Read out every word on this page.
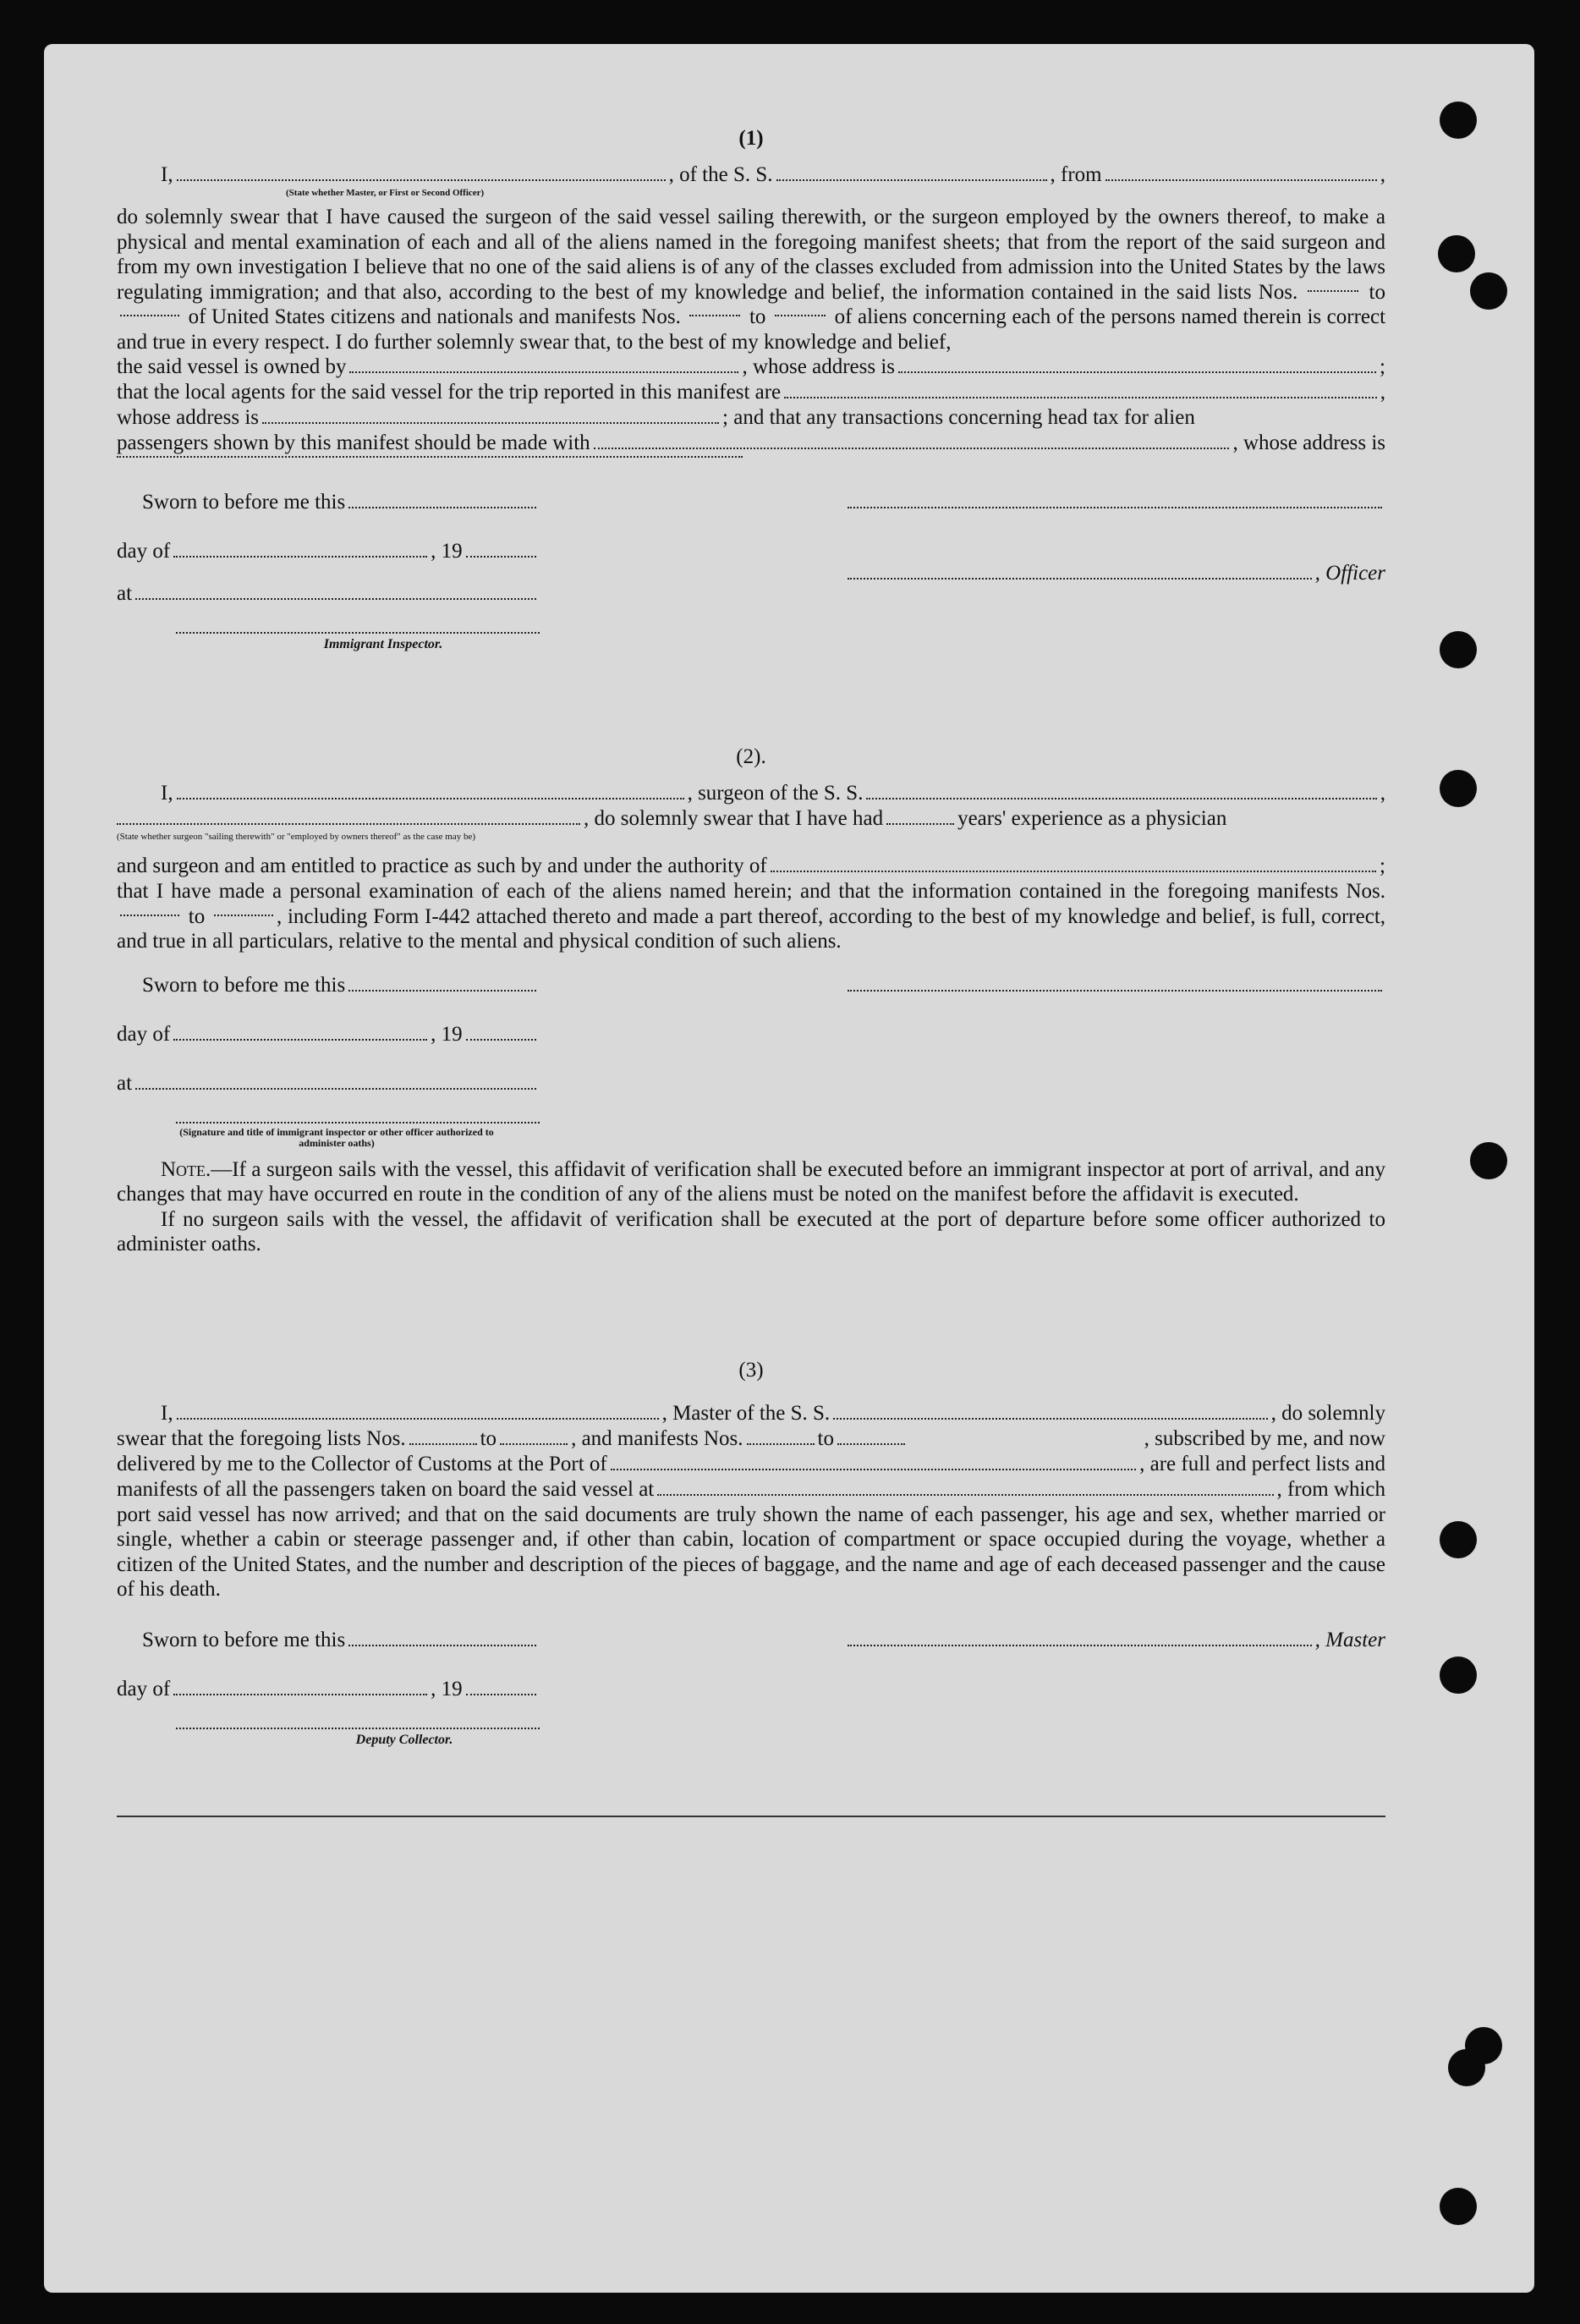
(1)

I,	, of the S. S.	, from	,
(State whether Master, or First or Second Officer)

do solemnly swear that I have caused the surgeon of the said vessel sailing therewith, or the surgeon employed by the owners thereof, to make a physical and mental examination of each and all of the aliens named in the foregoing manifest sheets; that from the report of the said surgeon and from my own investigation I believe that no one of the said aliens is of any of the classes excluded from admission into the United States by the laws regulating immigration; and that also, according to the best of my knowledge and belief, the information contained in the said lists Nos.	to  of United States citizens and nationals and manifests Nos.	to	of aliens concerning each of the persons named therein is correct and true in every respect. I do further solemnly swear that, to the best of my knowledge and belief,

the said vessel is owned by	, whose address is	;
that the local agents for the said vessel for the trip reported in this manifest are	,
whose address is	; and that any transactions concerning head tax for alien
passengers shown by this manifest should be made with	, whose address is
Sworn to before me this
day of	, 19
, Officer
at
Immigrant Inspector.

(2).

I,	, surgeon of the S. S.	,
, do solemnly swear that I have had	years' experience as a physician
(State whether surgeon "sailing therewith" or "employed by owners thereof" as the case may be)
and surgeon and am entitled to practice as such by and under the authority of	;

that I have made a personal examination of each of the aliens named herein; and that the information contained in the foregoing manifests Nos.  to	, including Form I-442 attached thereto and made a part thereof, according to the best of my knowledge and belief, is full, correct, and true in all particulars, relative to the mental and physical condition of such aliens.

Sworn to before me this
day of	, 19
at
(Signature and title of immigrant inspector or other officer authorized to administer oaths)

Note.—If a surgeon sails with the vessel, this affidavit of verification shall be executed before an immigrant inspector at port of arrival, and any changes that may have occurred en route in the condition of any of the aliens must be noted on the manifest before the affidavit is executed.

If no surgeon sails with the vessel, the affidavit of verification shall be executed at the port of departure before some officer authorized to administer oaths.

(3)

I,	, Master of the S. S.	, do solemnly
swear that the foregoing lists Nos.	to	, and manifests Nos.	to	, subscribed by me, and now
delivered by me to the Collector of Customs at the Port of	, are full and perfect lists and
manifests of all the passengers taken on board the said vessel at	, from which

port said vessel has now arrived; and that on the said documents are truly shown the name of each passenger, his age and sex, whether married or single, whether a cabin or steerage passenger and, if other than cabin, location of compartment or space occupied during the voyage, whether a citizen of the United States, and the number and description of the pieces of baggage, and the name and age of each deceased passenger and the cause of his death.

Sworn to before me this	, Master
day of	, 19
Deputy Collector.
